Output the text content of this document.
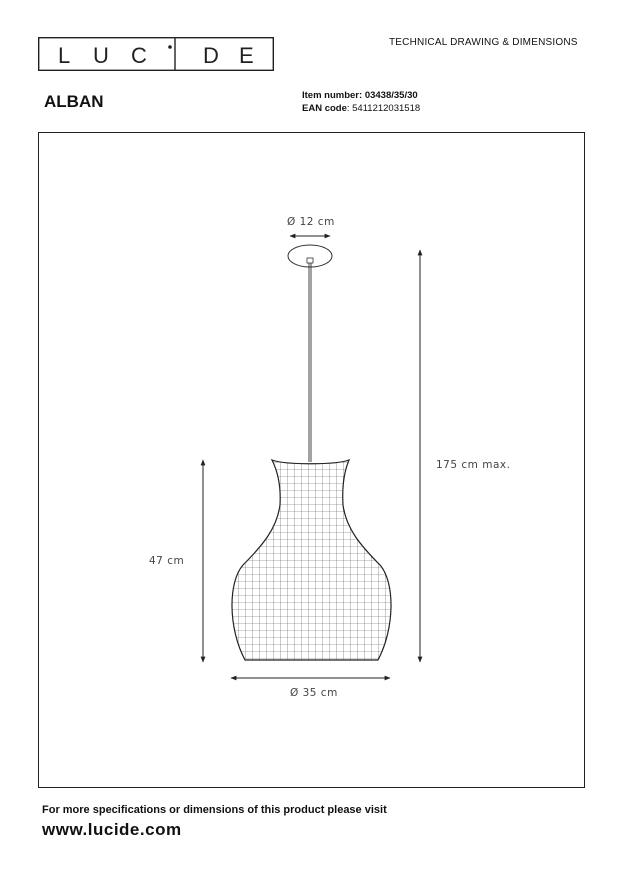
L U C	D E
TECHNICAL DRAWING & DIMENSIONS
ALBAN	Item number: 03438/35/30
EAN code: 5411212031518
Ø 12 cm
175 cm max.
47 cm
Ø 35 cm
For more specifications or dimensions of this product please visit
www.lucide.com
